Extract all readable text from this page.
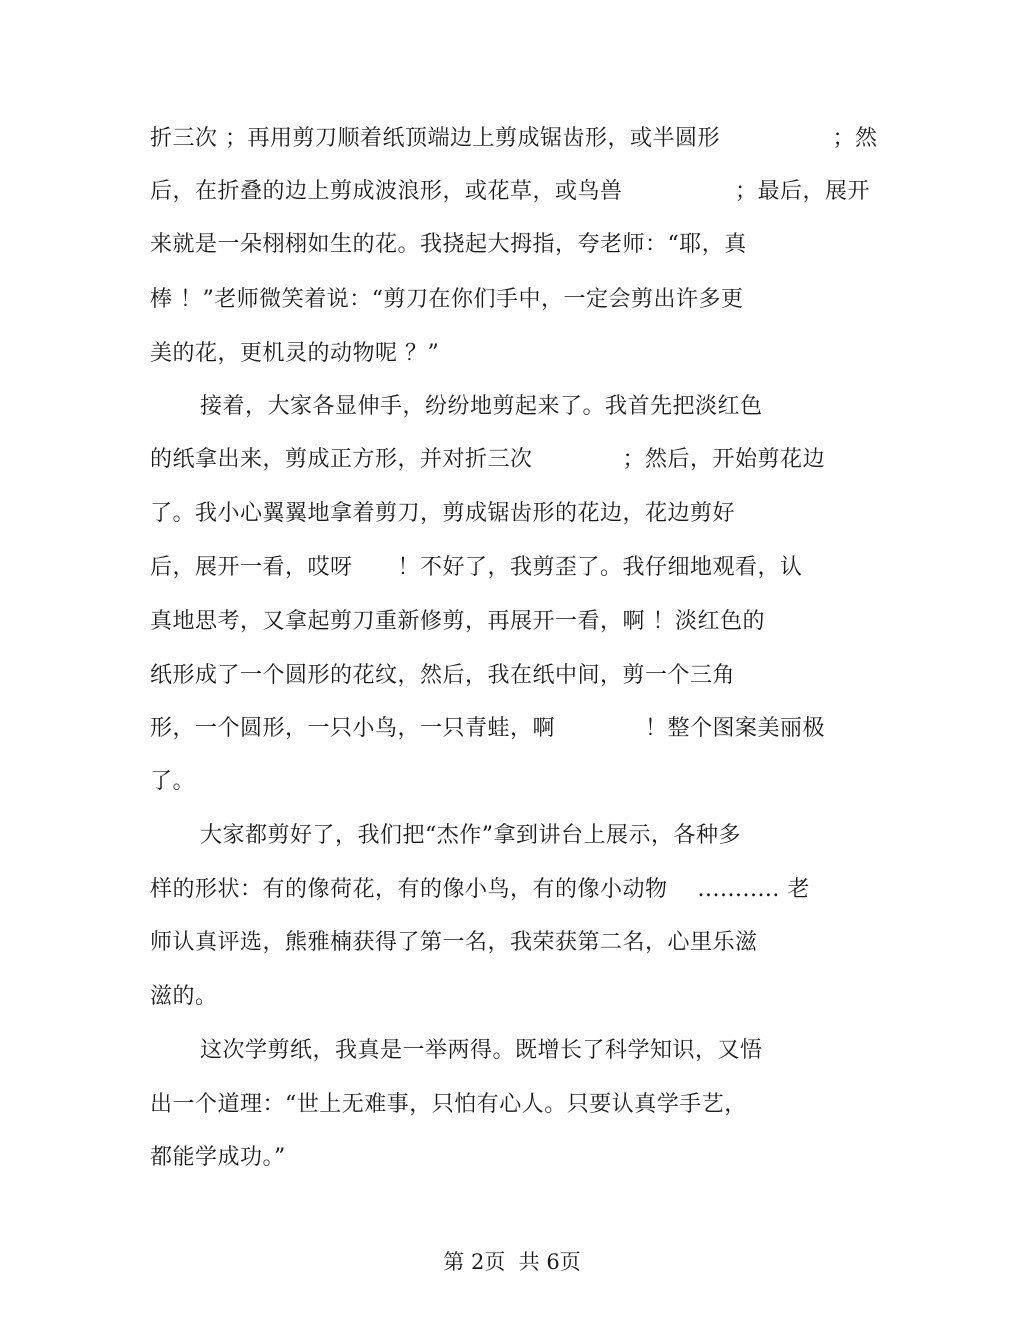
折三次 ；再用剪刀顺着纸顶端边上剪成锯齿形，或半圆形　　　　　；然
后，在折叠的边上剪成波浪形，或花草，或鸟兽　　　　　；最后，展开
来就是一朵栩栩如生的花。我挠起大拇指，夸老师：“耶，真
棒 ！”老师微笑着说：“剪刀在你们手中，一定会剪出许多更
美的花，更机灵的动物呢 ？”
接着，大家各显伸手，纷纷地剪起来了。我首先把淡红色
的纸拿出来，剪成正方形，并对折三次　　　　；然后，开始剪花边
了。我小心翼翼地拿着剪刀，剪成锯齿形的花边，花边剪好
后，展开一看，哎呀　　！不好了，我剪歪了。我仔细地观看，认
真地思考，又拿起剪刀重新修剪，再展开一看，啊 ！淡红色的
纸形成了一个圆形的花纹，然后，我在纸中间，剪一个三角
形，一个圆形，一只小鸟，一只青蛙，啊　　　　！整个图案美丽极
了。
大家都剪好了，我们把“杰作”拿到讲台上展示，各种多
样的形状：有的像荷花，有的像小鸟，有的像小动物　 ........... 老
师认真评选，熊雅楠获得了第一名，我荣获第二名，心里乐滋
滋的。
这次学剪纸，我真是一举两得。既增长了科学知识，又悟
出一个道理：“世上无难事，只怕有心人。只要认真学手艺，
都能学成功。”
第 2页  共 6页
